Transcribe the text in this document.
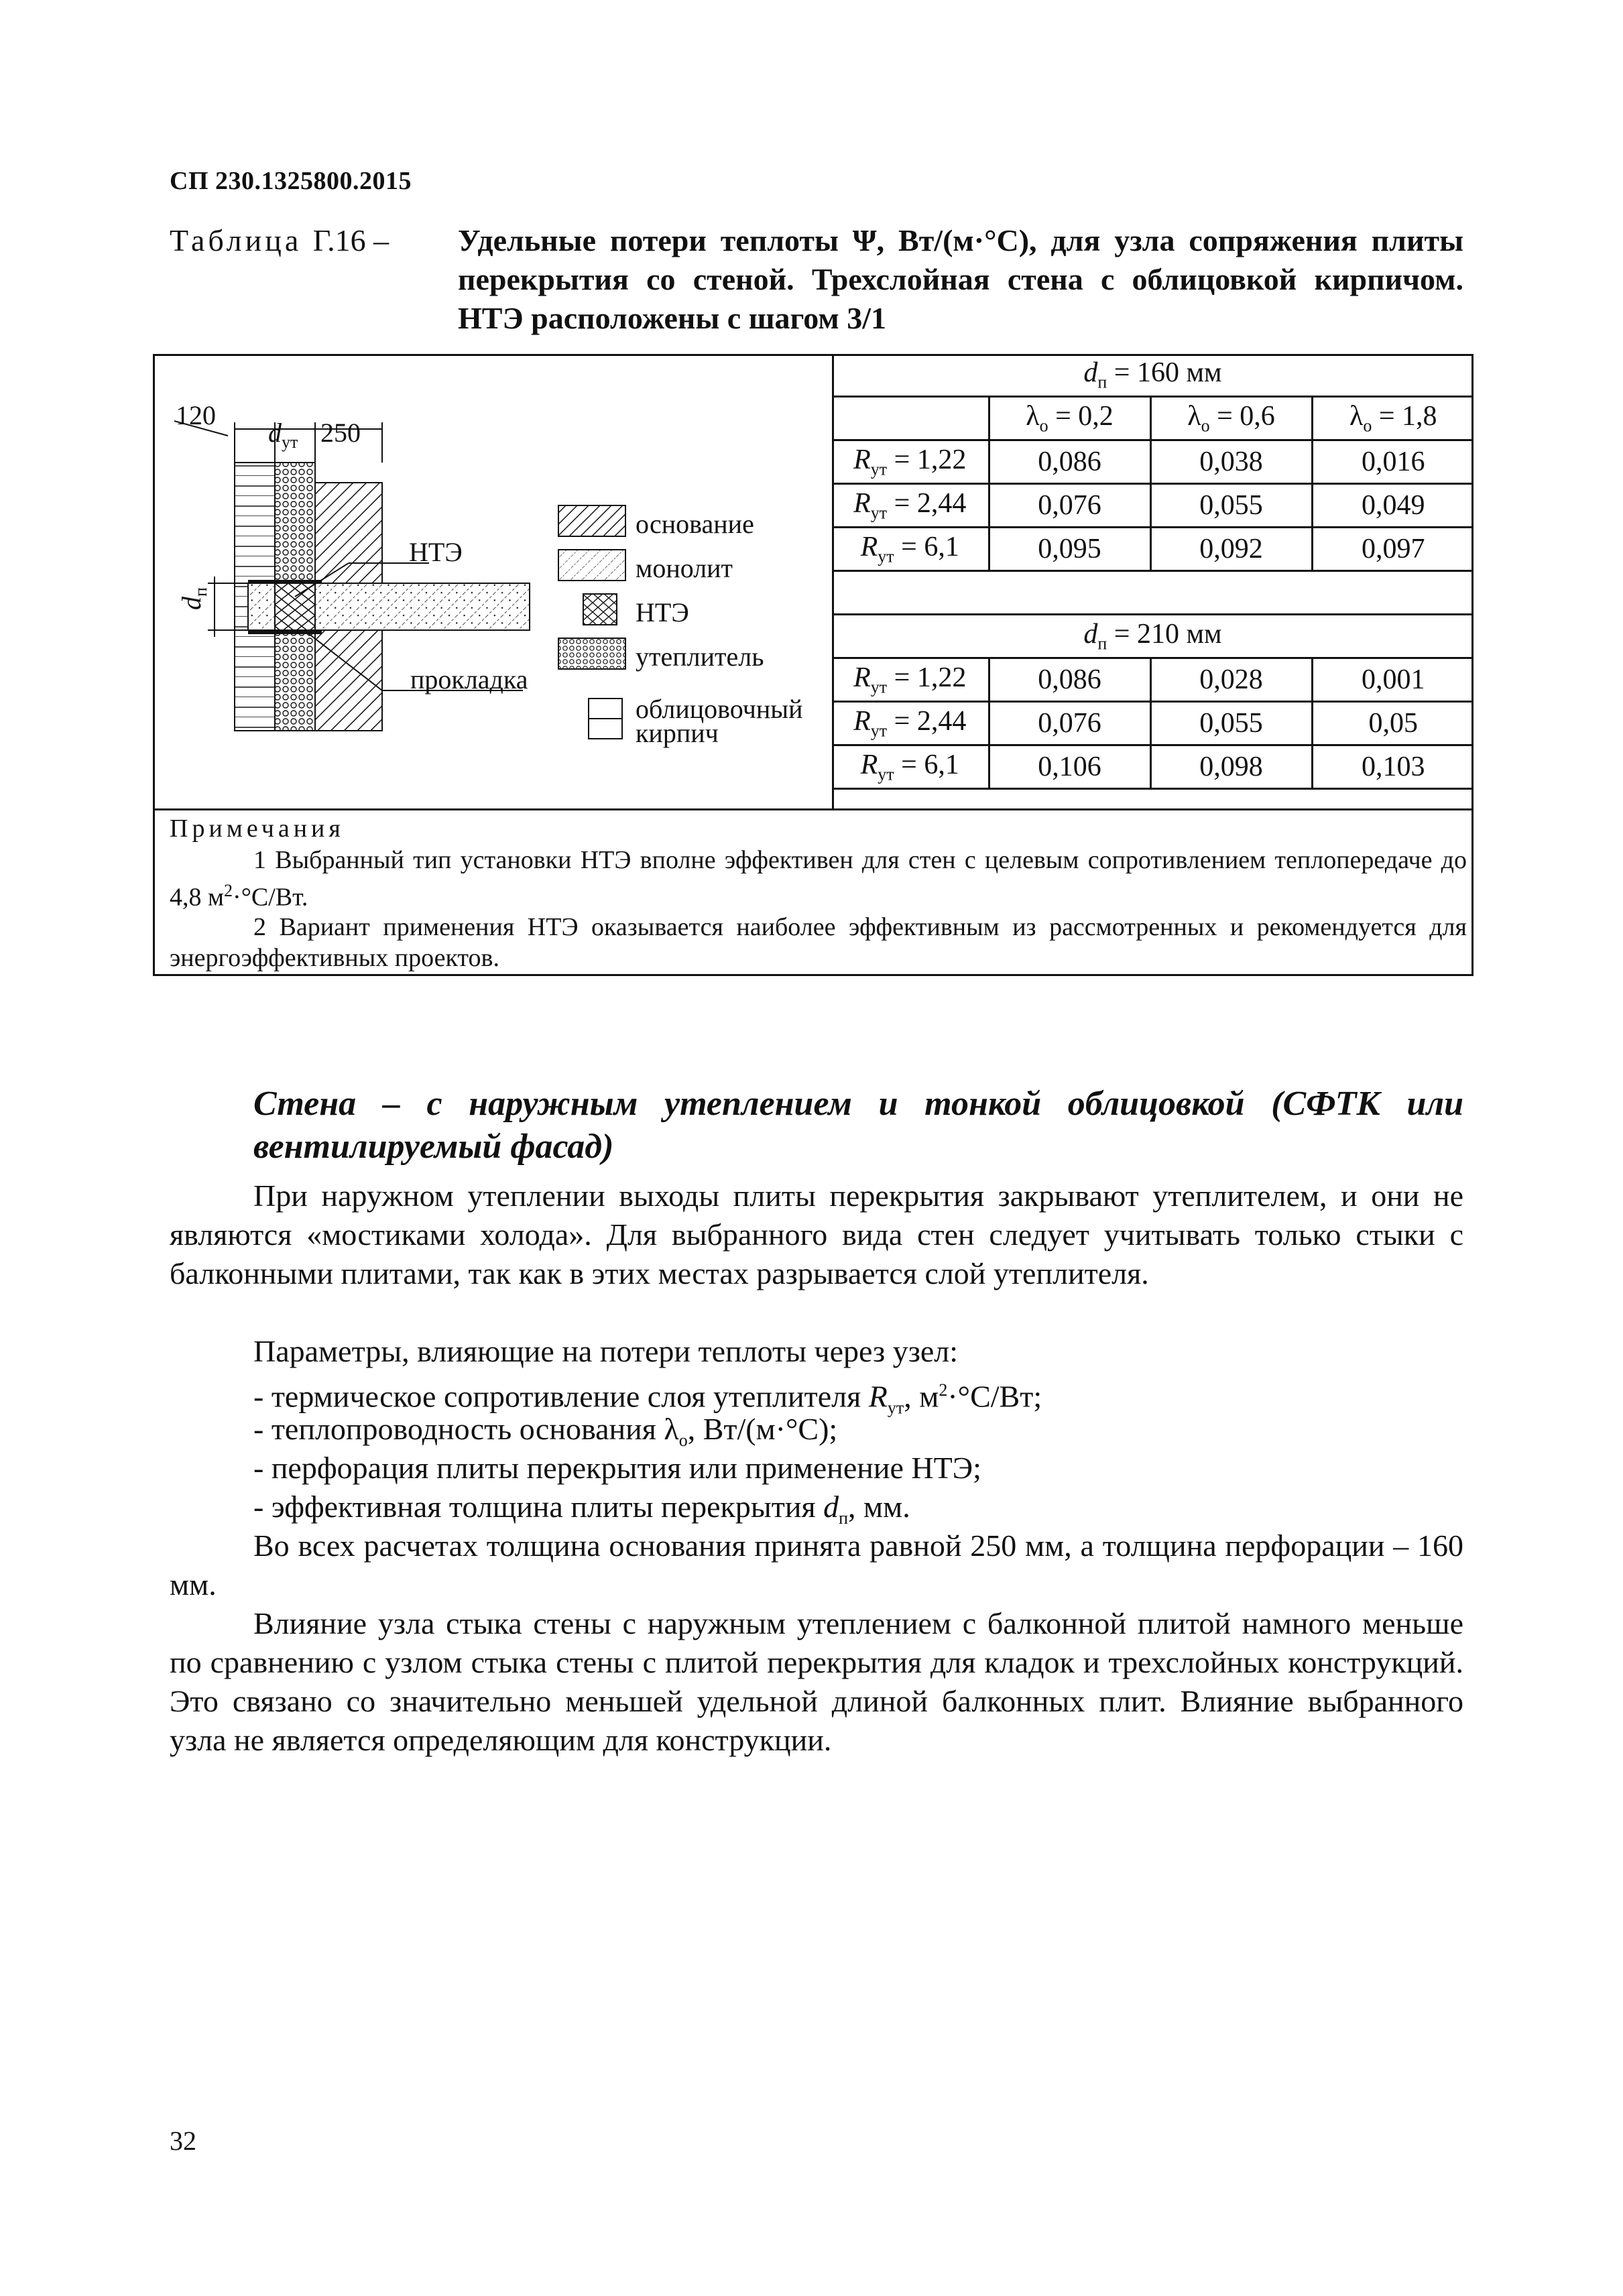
СП 230.1325800.2015
Таблица Г.16 – Удельные потери теплоты Ψ, Вт/(м·°С), для узла сопряжения плиты перекрытия со стеной. Трехслойная стена с облицовкой кирпичом. НТЭ расположены с шагом 3/1
120
$d_{ут}$ 250
$d_п$
НТЭ
прокладка
основание
монолит
НТЭ
утеплитель
облицовочный кирпич
$d_п = 160$ мм			
	$\lambda_о = 0,2$	$\lambda_о = 0,6$	$\lambda_о = 1,8$
$R_{ут} = 1,22$	0,086	0,038	0,016
$R_{ут} = 2,44$	0,076	0,055	0,049
$R_{ут} = 6,1$	0,095	0,092	0,097

$d_п = 210$ мм			
$R_{ут} = 1,22$	0,086	0,028	0,001
$R_{ут} = 2,44$	0,076	0,055	0,05
$R_{ут} = 6,1$	0,106	0,098	0,103
Примечания
1 Выбранный тип установки НТЭ вполне эффективен для стен с целевым сопротивлением теплопередаче до 4,8 $м^2\cdot^\circ С/Вт$.
2 Вариант применения НТЭ оказывается наиболее эффективным из рассмотренных и рекомендуется для энергоэффективных проектов.
Стена – с наружным утеплением и тонкой облицовкой (СФТК или вентилируемый фасад)
При наружном утеплении выходы плиты перекрытия закрывают утеплителем, и они не являются «мостиками холода». Для выбранного вида стен следует учитывать только стыки с балконными плитами, так как в этих местах разрывается слой утеплителя.
Параметры, влияющие на потери теплоты через узел:
- термическое сопротивление слоя утеплителя $R_{ут}$, $м^2\cdot^\circ С/Вт$;
- теплопроводность основания $\lambda_о$, Вт/(м·°С);
- перфорация плиты перекрытия или применение НТЭ;
- эффективная толщина плиты перекрытия $d_п$, мм.
Во всех расчетах толщина основания принята равной 250 мм, а толщина перфорации – 160 мм.
Влияние узла стыка стены с наружным утеплением с балконной плитой намного меньше по сравнению с узлом стыка стены с плитой перекрытия для кладок и трехслойных конструкций. Это связано со значительно меньшей удельной длиной балконных плит. Влияние выбранного узла не является определяющим для конструкции.
32
